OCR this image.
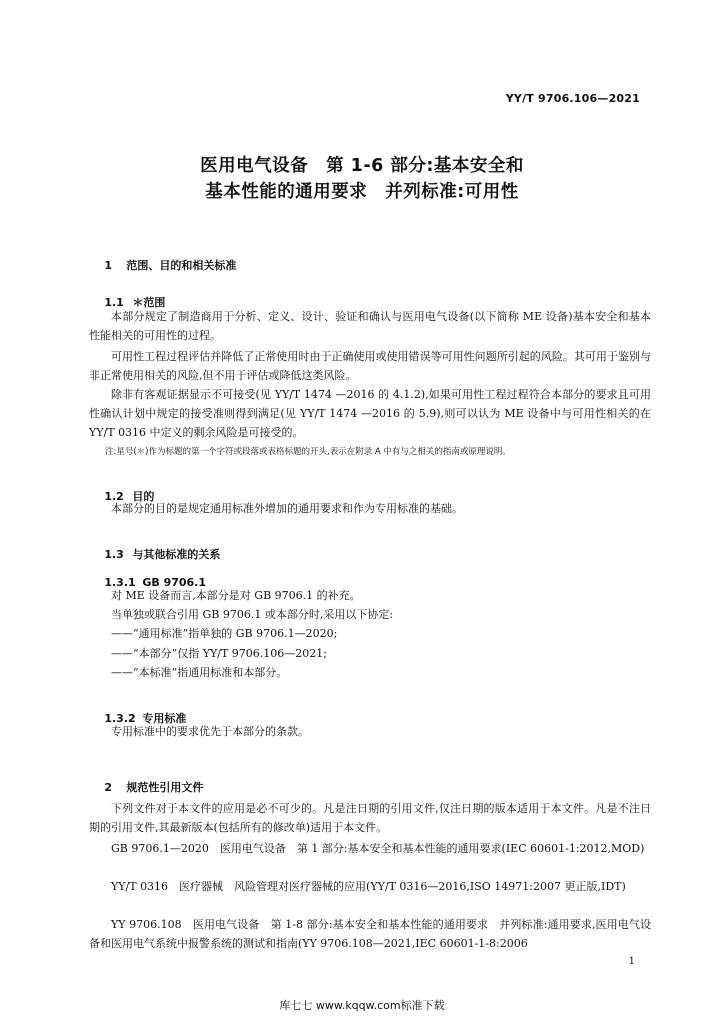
YY/T 9706.106—2021
医用电气设备　第 1-6 部分:基本安全和
基本性能的通用要求　并列标准:可用性

1 范围、目的和相关标准

1.1 ＊范围

本部分规定了制造商用于分析、定义、设计、验证和确认与医用电气设备(以下简称 ME 设备)基本安全和基本性能相关的可用性的过程。
可用性工程过程评估并降低了正常使用时由于正确使用或使用错误等可用性问题所引起的风险。其可用于鉴别与非正常使用相关的风险,但不用于评估或降低这类风险。
除非有客观证据显示不可接受(见 YY/T 1474 —2016 的 4.1.2),如果可用性工程过程符合本部分的要求且可用性确认计划中规定的接受准则得到满足(见 YY/T 1474 —2016 的 5.9),则可以认为 ME 设备中与可用性相关的在 YY/T 0316 中定义的剩余风险是可接受的。
注:星号(＊)作为标题的第一个字符或段落或表格标题的开头,表示在附录 A 中有与之相关的指南或原理说明。

1.2 目的

本部分的目的是规定通用标准外增加的通用要求和作为专用标准的基础。

1.3 与其他标准的关系

1.3.1 GB 9706.1

对 ME 设备而言,本部分是对 GB 9706.1 的补充。
当单独或联合引用 GB 9706.1 或本部分时,采用以下协定:
——“通用标准”指单独的 GB 9706.1—2020;
——“本部分”仅指 YY/T 9706.106—2021;
——“本标准”指通用标准和本部分。

1.3.2 专用标准

专用标准中的要求优先于本部分的条款。

2 规范性引用文件

下列文件对于本文件的应用是必不可少的。凡是注日期的引用文件,仅注日期的版本适用于本文件。凡是不注日期的引用文件,其最新版本(包括所有的修改单)适用于本文件。
GB 9706.1—2020　医用电气设备　第 1 部分:基本安全和基本性能的通用要求(IEC 60601-1:2012,MOD)
YY/T 0316　医疗器械　风险管理对医疗器械的应用(YY/T 0316—2016,ISO 14971:2007 更正版,IDT)
YY 9706.108　医用电气设备　第 1-8 部分:基本安全和基本性能的通用要求　并列标准:通用要求,医用电气设备和医用电气系统中报警系统的测试和指南(YY 9706.108—2021,IEC 60601-1-8:2006
1
库七七 www.kqqw.com标准下载
